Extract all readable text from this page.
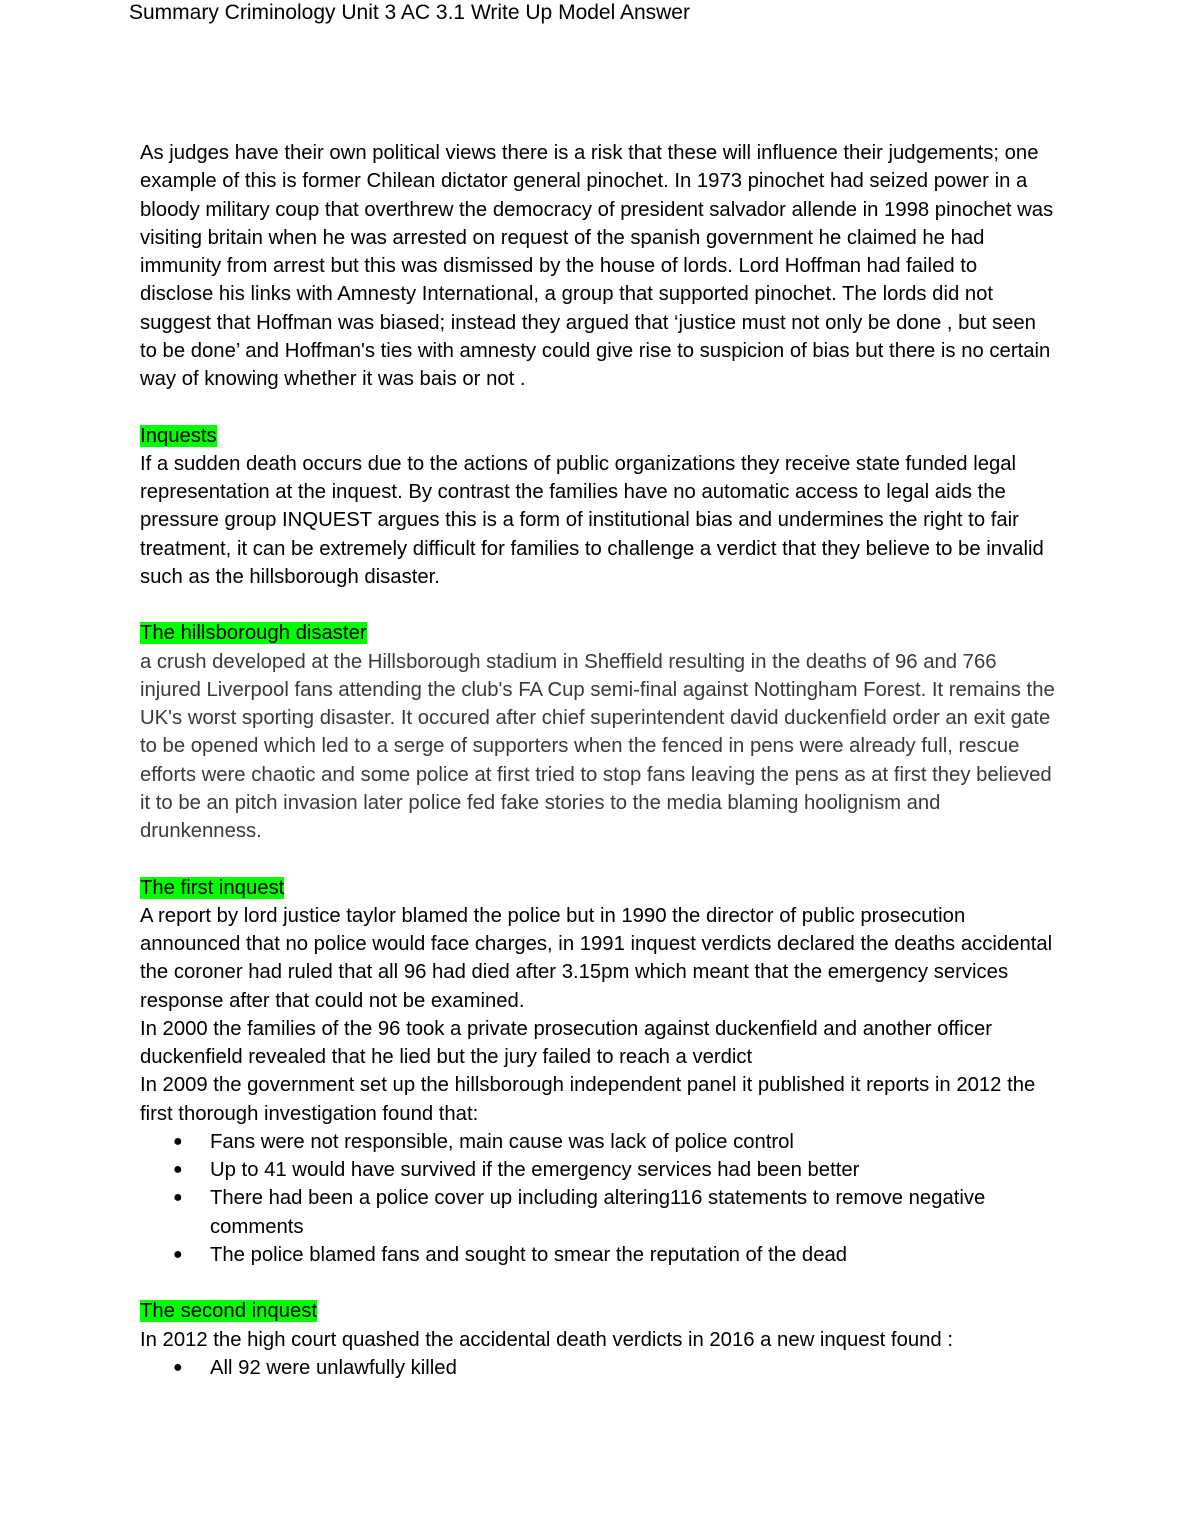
Summary Criminology Unit 3 AC 3.1 Write Up Model Answer

As judges have their own political views there is a risk that these will influence their judgements; one example of this is former Chilean dictator general pinochet. In 1973 pinochet had seized power in a bloody military coup that overthrew the democracy of president salvador allende in 1998 pinochet was visiting britain when he was arrested on request of the spanish government he claimed he had immunity from arrest but this was dismissed by the house of lords. Lord Hoffman had failed to disclose his links with Amnesty International, a group that supported pinochet. The lords did not suggest that Hoffman was biased; instead they argued that ‘justice must not only be done , but seen to be done’ and Hoffman's ties with amnesty could give rise to suspicion of bias but there is no certain way of knowing whether it was bais or not .

Inquests

If a sudden death occurs due to the actions of public organizations they receive state funded legal representation at the inquest. By contrast the families have no automatic access to legal aids the pressure group INQUEST argues this is a form of institutional bias and undermines the right to fair treatment, it can be extremely difficult for families to challenge a verdict that they believe to be invalid such as the hillsborough disaster.

The hillsborough disaster

a crush developed at the Hillsborough stadium in Sheffield resulting in the deaths of 96 and 766 injured Liverpool fans attending the club's FA Cup semi-final against Nottingham Forest. It remains the UK's worst sporting disaster. It occured after chief superintendent david duckenfield order an exit gate to be opened which led to a serge of supporters when the fenced in pens were already full, rescue efforts were chaotic and some police at first tried to stop fans leaving the pens as at first they believed it to be an pitch invasion later police fed fake stories to the media blaming hoolignism and drunkenness.

The first inquest

A report by lord justice taylor blamed the police but in 1990 the director of public prosecution announced that no police would face charges, in 1991 inquest verdicts declared the deaths accidental the coroner had ruled that all 96 had died after 3.15pm which meant that the emergency services response after that could not be examined.

In 2000 the families of the 96 took a private prosecution against duckenfield and another officer duckenfield revealed that he lied but the jury failed to reach a verdict

In 2009 the government set up the hillsborough independent panel it published it reports in 2012 the first thorough investigation found that:

● Fans were not responsible, main cause was lack of police control
● Up to 41 would have survived if the emergency services had been better
● There had been a police cover up including altering116 statements to remove negative comments
● The police blamed fans and sought to smear the reputation of the dead
The second inquest

In 2012 the high court quashed the accidental death verdicts in 2016 a new inquest found :

● All 92 were unlawfully killed
